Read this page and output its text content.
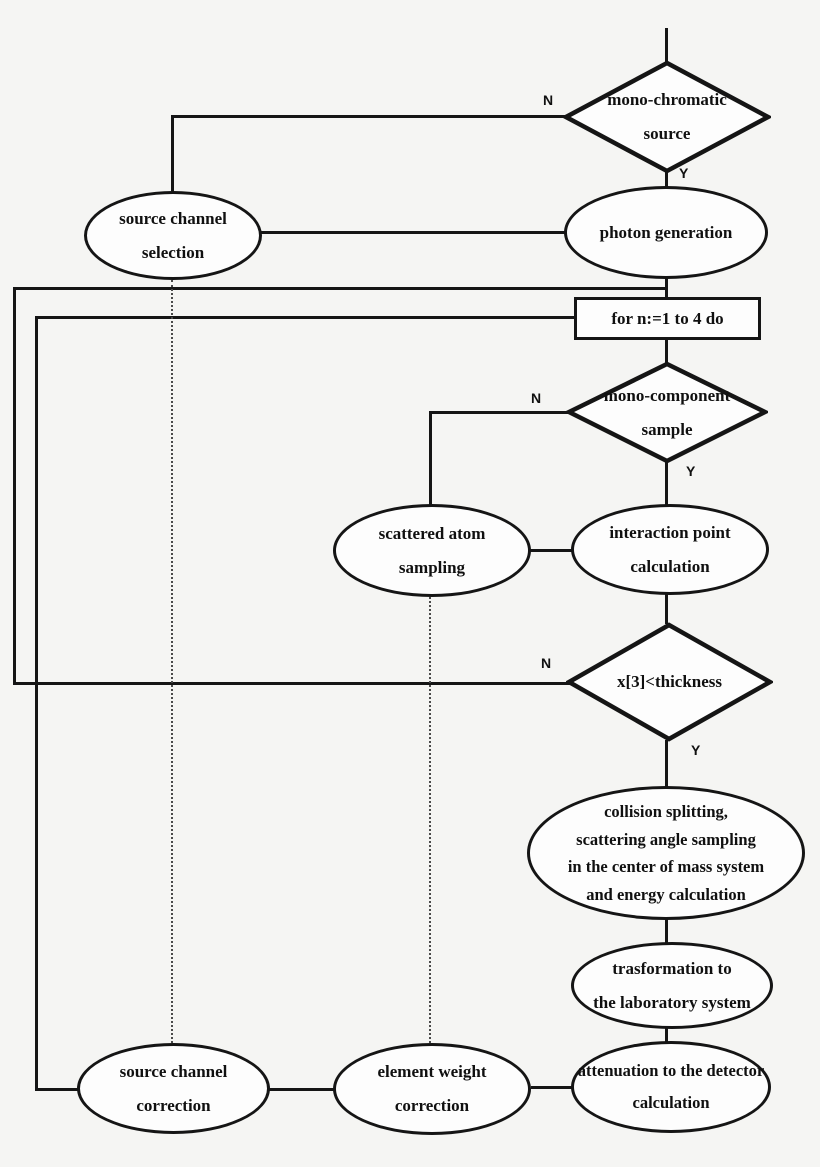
N
Y
N
Y
N
Y
mono-chromatic
source
mono-component
sample
x[3]<thickness
source channel
selection
photon generation
for n:=1 to 4 do
scattered atom
sampling
interaction point
calculation
collision splitting,
scattering angle sampling
in the center of mass system
and energy calculation
trasformation to
the laboratory system
source channel
correction
element weight
correction
attenuation to the detector
calculation
